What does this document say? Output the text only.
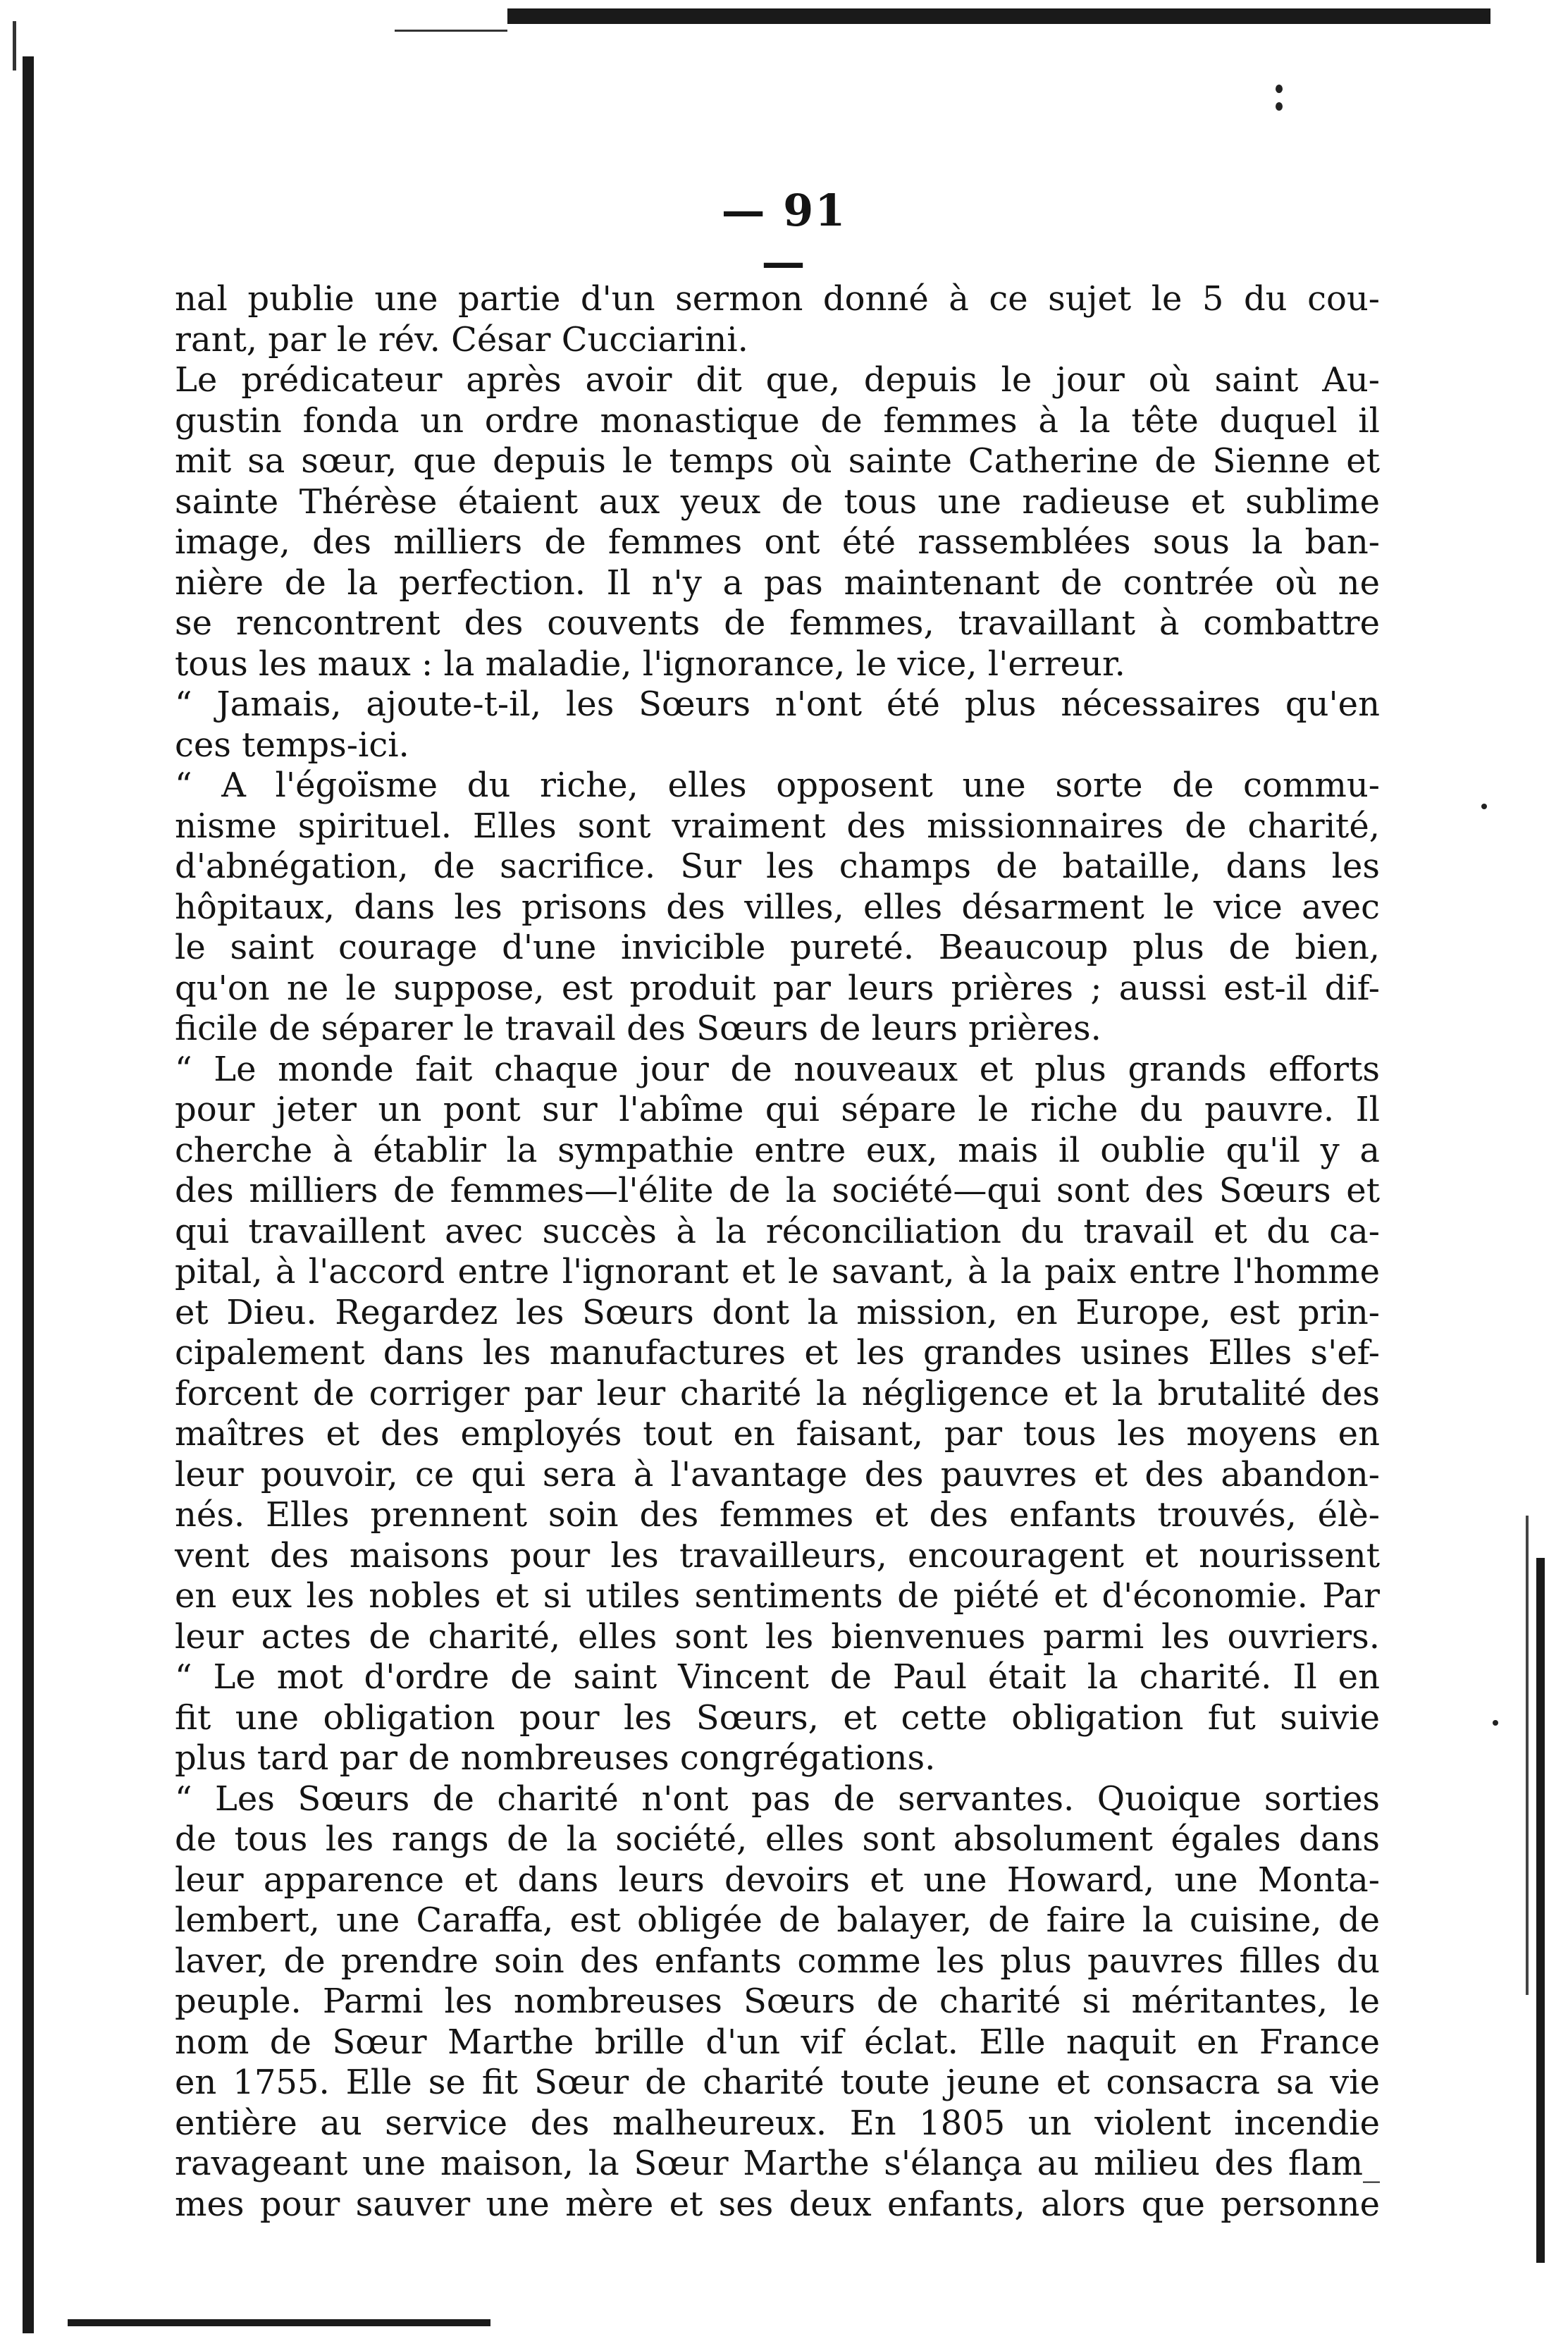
— 91 —
nal publie une partie d'un sermon donné à ce sujet le 5 du cou-
rant, par le rév. César Cucciarini.
Le prédicateur après avoir dit que, depuis le jour où saint Au-
gustin fonda un ordre monastique de femmes à la tête duquel il
mit sa sœur, que depuis le temps où sainte Catherine de Sienne et
sainte Thérèse étaient aux yeux de tous une radieuse et sublime
image, des milliers de femmes ont été rassemblées sous la ban-
nière de la perfection. Il n'y a pas maintenant de contrée où ne
se rencontrent des couvents de femmes, travaillant à combattre
tous les maux : la maladie, l'ignorance, le vice, l'erreur.
“ Jamais, ajoute-t-il, les Sœurs n'ont été plus nécessaires qu'en
ces temps-ici.
“ A l'égoïsme du riche, elles opposent une sorte de commu-
nisme spirituel. Elles sont vraiment des missionnaires de charité,
d'abnégation, de sacrifice. Sur les champs de bataille, dans les
hôpitaux, dans les prisons des villes, elles désarment le vice avec
le saint courage d'une invicible pureté. Beaucoup plus de bien,
qu'on ne le suppose, est produit par leurs prières ; aussi est-il dif-
ficile de séparer le travail des Sœurs de leurs prières.
“ Le monde fait chaque jour de nouveaux et plus grands efforts
pour jeter un pont sur l'abîme qui sépare le riche du pauvre. Il
cherche à établir la sympathie entre eux, mais il oublie qu'il y a
des milliers de femmes—l'élite de la société—qui sont des Sœurs et
qui travaillent avec succès à la réconciliation du travail et du ca-
pital, à l'accord entre l'ignorant et le savant, à la paix entre l'homme
et Dieu. Regardez les Sœurs dont la mission, en Europe, est prin-
cipalement dans les manufactures et les grandes usines Elles s'ef-
forcent de corriger par leur charité la négligence et la brutalité des
maîtres et des employés tout en faisant, par tous les moyens en
leur pouvoir, ce qui sera à l'avantage des pauvres et des abandon-
nés. Elles prennent soin des femmes et des enfants trouvés, élè-
vent des maisons pour les travailleurs, encouragent et nourissent
en eux les nobles et si utiles sentiments de piété et d'économie. Par
leur actes de charité, elles sont les bienvenues parmi les ouvriers.
“ Le mot d'ordre de saint Vincent de Paul était la charité. Il en
fit une obligation pour les Sœurs, et cette obligation fut suivie
plus tard par de nombreuses congrégations.
“ Les Sœurs de charité n'ont pas de servantes. Quoique sorties
de tous les rangs de la société, elles sont absolument égales dans
leur apparence et dans leurs devoirs et une Howard, une Monta-
lembert, une Caraffa, est obligée de balayer, de faire la cuisine, de
laver, de prendre soin des enfants comme les plus pauvres filles du
peuple. Parmi les nombreuses Sœurs de charité si méritantes, le
nom de Sœur Marthe brille d'un vif éclat. Elle naquit en France
en 1755. Elle se fit Sœur de charité toute jeune et consacra sa vie
entière au service des malheureux. En 1805 un violent incendie
ravageant une maison, la Sœur Marthe s'élança au milieu des flam_
mes pour sauver une mère et ses deux enfants, alors que personne
